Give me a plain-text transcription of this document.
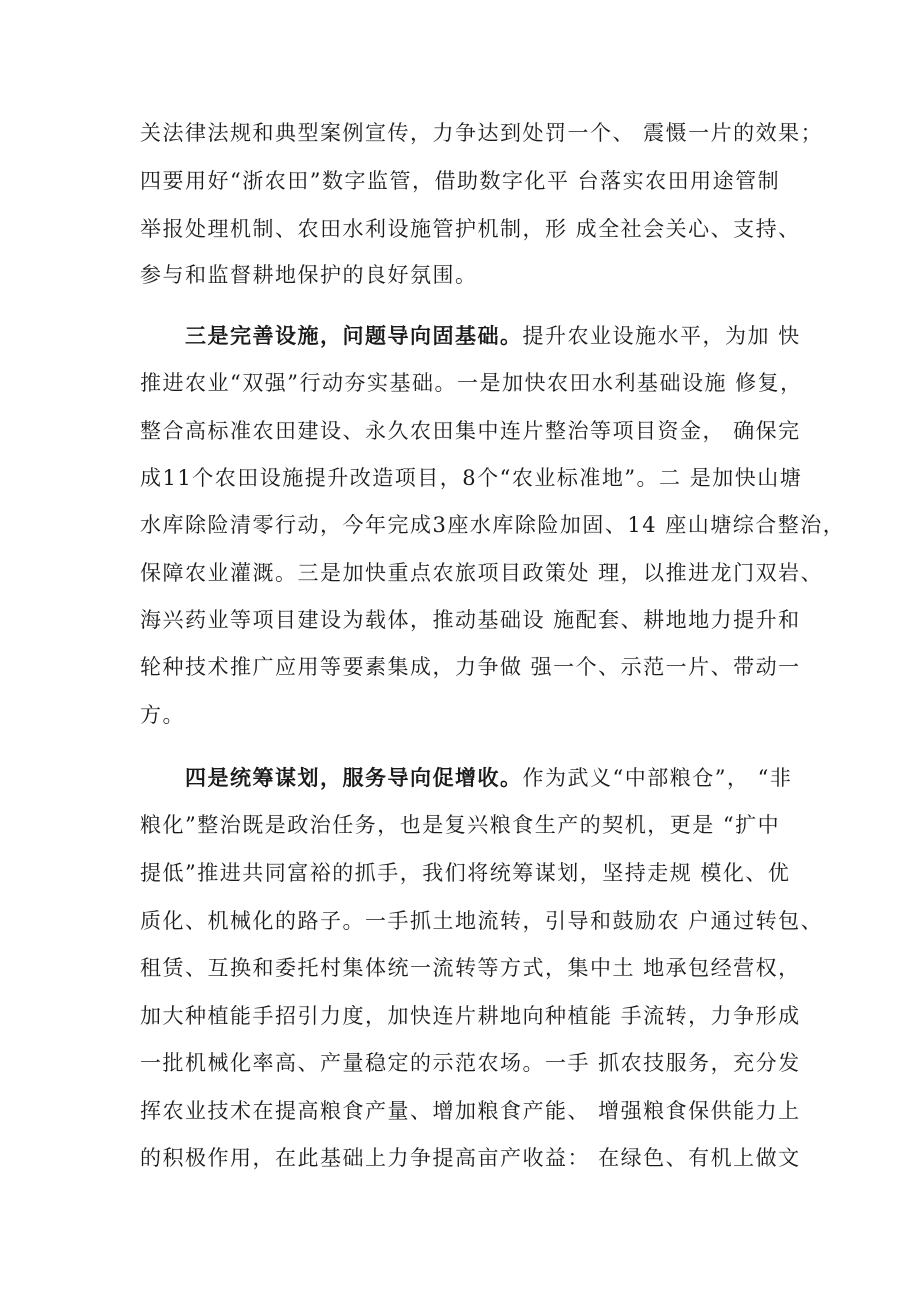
关法律法规和典型案例宣传，力争达到处罚一个、 震慑一片的效果；
四要用好“浙农田”数字监管，借助数字化平 台落实农田用途管制
举报处理机制、农田水利设施管护机制，形 成全社会关心、支持、
参与和监督耕地保护的良好氛围。
三是完善设施，问题导向固基础。提升农业设施水平，为加 快
推进农业“双强”行动夯实基础。一是加快农田水利基础设施 修复，
整合高标准农田建设、永久农田集中连片整治等项目资金， 确保完
成11个农田设施提升改造项目，8个“农业标准地”。二 是加快山塘
水库除险清零行动，今年完成3座水库除险加固、14 座山塘综合整治，
保障农业灌溉。三是加快重点农旅项目政策处 理，以推进龙门双岩、
海兴药业等项目建设为载体，推动基础设 施配套、耕地地力提升和
轮种技术推广应用等要素集成，力争做 强一个、示范一片、带动一
方。
四是统筹谋划，服务导向促增收。作为武义“中部粮仓”， “非
粮化”整治既是政治任务，也是复兴粮食生产的契机，更是 “扩中
提低”推进共同富裕的抓手，我们将统筹谋划，坚持走规 模化、优
质化、机械化的路子。一手抓土地流转，引导和鼓励农 户通过转包、
租赁、互换和委托村集体统一流转等方式，集中土 地承包经营权，
加大种植能手招引力度，加快连片耕地向种植能 手流转，力争形成
一批机械化率高、产量稳定的示范农场。一手 抓农技服务，充分发
挥农业技术在提高粮食产量、增加粮食产能、 增强粮食保供能力上
的积极作用，在此基础上力争提高亩产收益： 在绿色、有机上做文
